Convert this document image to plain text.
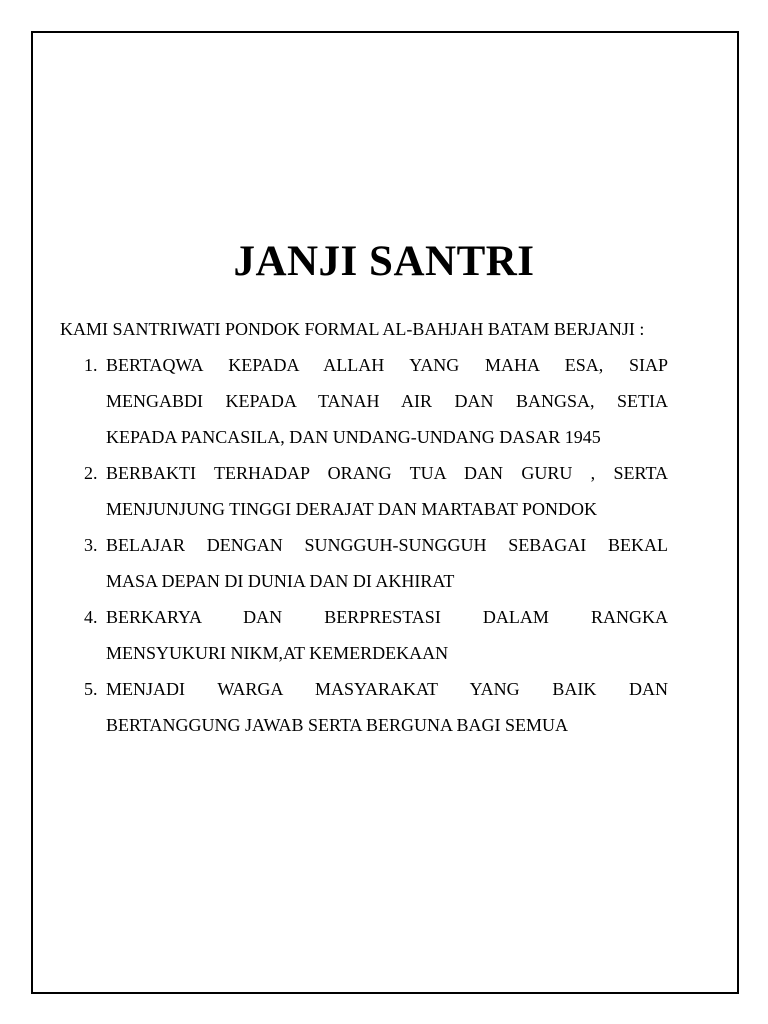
JANJI SANTRI
KAMI SANTRIWATI PONDOK FORMAL AL-BAHJAH BATAM BERJANJI :
1. BERTAQWA KEPADA ALLAH YANG MAHA ESA, SIAP
MENGABDI KEPADA TANAH AIR DAN BANGSA, SETIA
KEPADA PANCASILA, DAN UNDANG-UNDANG DASAR 1945
2. BERBAKTI TERHADAP ORANG TUA DAN GURU , SERTA
MENJUNJUNG TINGGI DERAJAT DAN MARTABAT PONDOK
3. BELAJAR DENGAN SUNGGUH-SUNGGUH SEBAGAI BEKAL
MASA DEPAN DI DUNIA DAN DI AKHIRAT
4. BERKARYA DAN BERPRESTASI DALAM RANGKA
MENSYUKURI NIKM,AT KEMERDEKAAN
5. MENJADI WARGA MASYARAKAT YANG BAIK DAN
BERTANGGUNG JAWAB SERTA BERGUNA BAGI SEMUA
